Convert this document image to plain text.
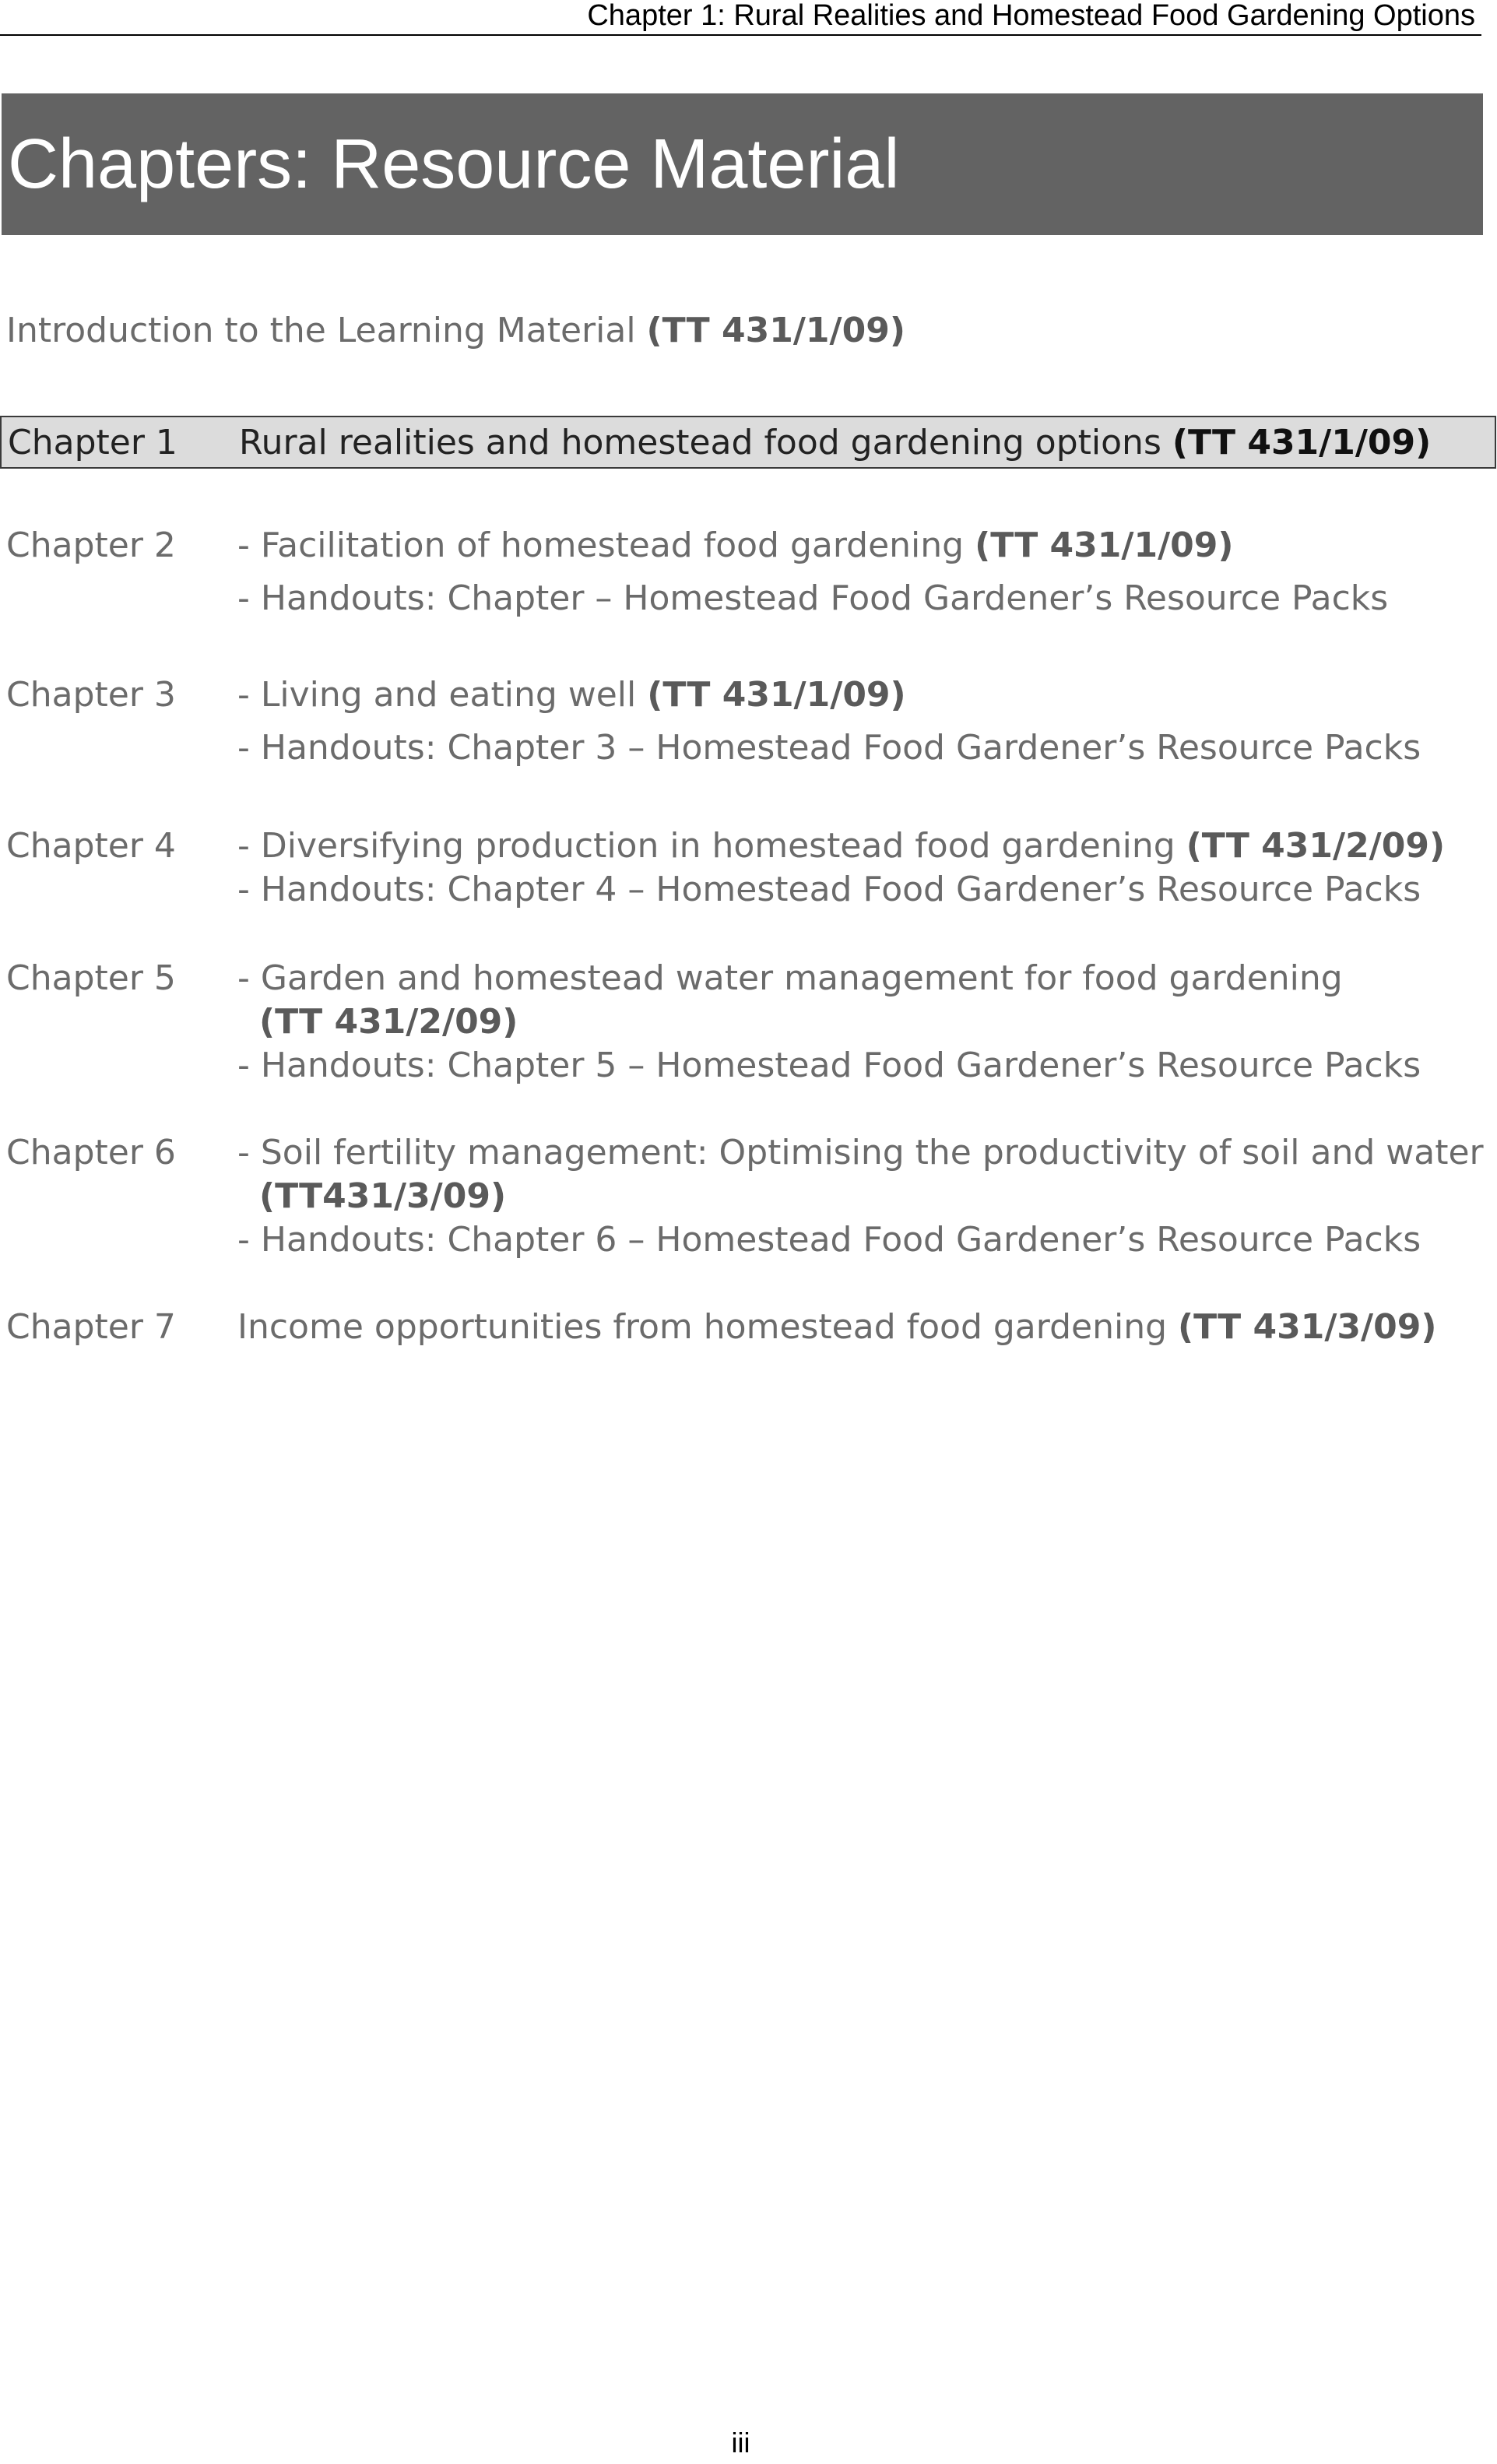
Chapter 1: Rural Realities and Homestead Food Gardening Options
Chapters: Resource Material
Introduction to the Learning Material (TT 431/1/09)
Chapter 1 Rural realities and homestead food gardening options (TT 431/1/09)
Chapter 2 - Facilitation of homestead food gardening (TT 431/1/09)
- Handouts: Chapter – Homestead Food Gardener’s Resource Packs
Chapter 3 - Living and eating well (TT 431/1/09)
- Handouts: Chapter 3 – Homestead Food Gardener’s Resource Packs
Chapter 4 - Diversifying production in homestead food gardening (TT 431/2/09)
- Handouts: Chapter 4 – Homestead Food Gardener’s Resource Packs
Chapter 5 - Garden and homestead water management for food gardening
(TT 431/2/09)
- Handouts: Chapter 5 – Homestead Food Gardener’s Resource Packs
Chapter 6 - Soil fertility management: Optimising the productivity of soil and water
(TT431/3/09)
- Handouts: Chapter 6 – Homestead Food Gardener’s Resource Packs
Chapter 7 Income opportunities from homestead food gardening (TT 431/3/09)
iii
